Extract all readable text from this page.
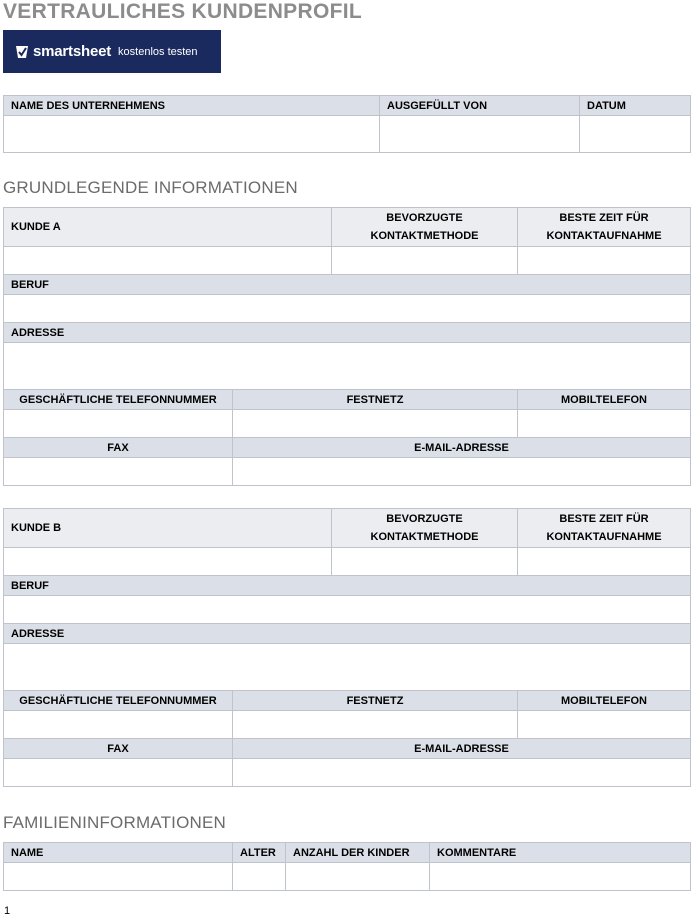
VERTRAULICHES KUNDENPROFIL
smartsheet kostenlos testen
NAME DES UNTERNEHMENS	AUSGEFÜLLT VON	DATUM

GRUNDLEGENDE INFORMATIONEN
KUNDE A		BEVORZUGTE KONTAKTMETHODE	BESTE ZEIT FÜR KONTAKTAUFNAHME

BERUF			

ADRESSE			

GESCHÄFTLICHE TELEFONNUMMER	FESTNETZ		MOBILTELEFON

FAX	E-MAIL-ADRESSE		

KUNDE B		BEVORZUGTE KONTAKTMETHODE	BESTE ZEIT FÜR KONTAKTAUFNAHME

BERUF			

ADRESSE			

GESCHÄFTLICHE TELEFONNUMMER	FESTNETZ		MOBILTELEFON

FAX	E-MAIL-ADRESSE		

FAMILIENINFORMATIONEN
NAME	ALTER	ANZAHL DER KINDER	KOMMENTARE

1
